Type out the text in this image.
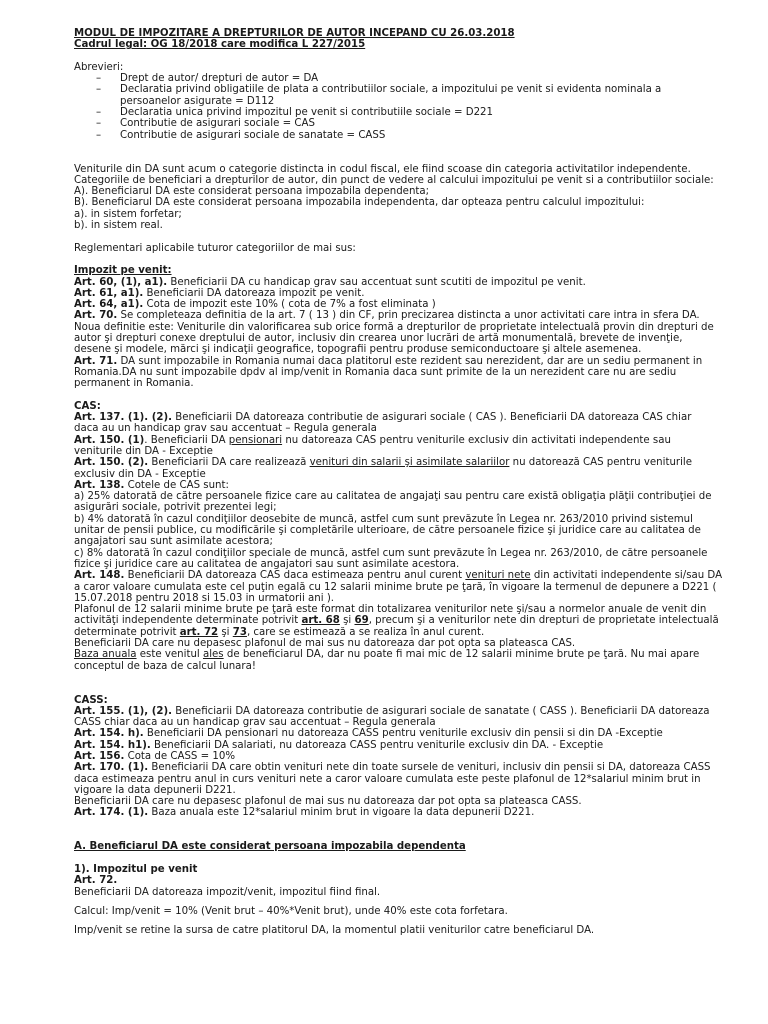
MODUL DE IMPOZITARE A DREPTURILOR DE AUTOR INCEPAND CU 26.03.2018
Cadrul legal: OG 18/2018 care modifica L 227/2015
Abrevieri:
– Drept de autor/ drepturi de autor = DA
– Declaratia privind obligatiile de plata a contributiilor sociale, a impozitului pe venit si evidenta nominala a persoanelor asigurate = D112
– Declaratia unica privind impozitul pe venit si contributiile sociale = D221
– Contributie de asigurari sociale = CAS
– Contributie de asigurari sociale de sanatate = CASS
Veniturile din DA sunt acum o categorie distincta in codul fiscal, ele fiind scoase din categoria activitatilor independente.
Categoriile de beneficiari a drepturilor de autor, din punct de vedere al calcului impozitului pe venit si a contributiilor sociale:
A). Beneficiarul DA este considerat persoana impozabila dependenta;
B). Beneficiarul DA este considerat persoana impozabila independenta, dar opteaza pentru calculul impozitului:
a). in sistem forfetar;
b). in sistem real.
Reglementari aplicabile tuturor categoriilor de mai sus:
Impozit pe venit:
Art. 60, (1), a1). Beneficiarii DA cu handicap grav sau accentuat sunt scutiti de impozitul pe venit.
Art. 61, a1). Beneficiarii DA datoreaza impozit pe venit.
Art. 64, a1). Cota de impozit este 10% ( cota de 7% a fost eliminata )
Art. 70. Se completeaza definitia de la art. 7 ( 13 ) din CF, prin precizarea distincta a unor activitati care intra in sfera DA.
Noua definitie este: Veniturile din valorificarea sub orice formă a drepturilor de proprietate intelectuală provin din drepturi de
autor şi drepturi conexe dreptului de autor, inclusiv din crearea unor lucrări de artă monumentală, brevete de invenţie,
desene şi modele, mărci şi indicaţii geografice, topografii pentru produse semiconductoare şi altele asemenea.
Art. 71. DA sunt impozabile in Romania numai daca platitorul este rezident sau nerezident, dar are un sediu permanent in
Romania.DA nu sunt impozabile dpdv al imp/venit in Romania daca sunt primite de la un nerezident care nu are sediu
permanent in Romania.
CAS:
Art. 137. (1). (2). Beneficiarii DA datoreaza contributie de asigurari sociale ( CAS ). Beneficiarii DA datoreaza CAS chiar
daca au un handicap grav sau accentuat – Regula generala
Art. 150. (1). Beneficiarii DA pensionari nu datoreaza CAS pentru veniturile exclusiv din activitati independente sau
veniturile din DA - Exceptie
Art. 150. (2). Beneficiarii DA care realizează venituri din salarii şi asimilate salariilor nu datorează CAS pentru veniturile
exclusiv din DA - Exceptie
Art. 138. Cotele de CAS sunt:
a) 25% datorată de către persoanele fizice care au calitatea de angajaţi sau pentru care există obligaţia plăţii contribuţiei de
asigurări sociale, potrivit prezentei legi;
b) 4% datorată în cazul condiţiilor deosebite de muncă, astfel cum sunt prevăzute în Legea nr. 263/2010 privind sistemul
unitar de pensii publice, cu modificările şi completările ulterioare, de către persoanele fizice şi juridice care au calitatea de
angajatori sau sunt asimilate acestora;
c) 8% datorată în cazul condiţiilor speciale de muncă, astfel cum sunt prevăzute în Legea nr. 263/2010, de către persoanele
fizice şi juridice care au calitatea de angajatori sau sunt asimilate acestora.
Art. 148. Beneficiarii DA datoreaza CAS daca estimeaza pentru anul curent venituri nete din activitati independente si/sau DA
a caror valoare cumulata este cel puţin egală cu 12 salarii minime brute pe ţară, în vigoare la termenul de depunere a D221 (
15.07.2018 pentru 2018 si 15.03 in urmatorii ani ).
Plafonul de 12 salarii minime brute pe ţară este format din totalizarea veniturilor nete şi/sau a normelor anuale de venit din
activităţi independente determinate potrivit art. 68 şi 69, precum şi a veniturilor nete din drepturi de proprietate intelectuală
determinate potrivit art. 72 şi 73, care se estimează a se realiza în anul curent.
Beneficiarii DA care nu depasesc plafonul de mai sus nu datoreaza dar pot opta sa plateasca CAS.
Baza anuala este venitul ales de beneficiarul DA, dar nu poate fi mai mic de 12 salarii minime brute pe ţară. Nu mai apare
conceptul de baza de calcul lunara!
CASS:
Art. 155. (1), (2). Beneficiarii DA datoreaza contributie de asigurari sociale de sanatate ( CASS ). Beneficiarii DA datoreaza
CASS chiar daca au un handicap grav sau accentuat – Regula generala
Art. 154. h). Beneficiarii DA pensionari nu datoreaza CASS pentru veniturile exclusiv din pensii si din DA -Exceptie
Art. 154. h1). Beneficiarii DA salariati, nu datoreaza CASS pentru veniturile exclusiv din DA. - Exceptie
Art. 156. Cota de CASS = 10%
Art. 170. (1). Beneficiarii DA care obtin venituri nete din toate sursele de venituri, inclusiv din pensii si DA, datoreaza CASS
daca estimeaza pentru anul in curs venituri nete a caror valoare cumulata este peste plafonul de 12*salariul minim brut in
vigoare la data depunerii D221.
Beneficiarii DA care nu depasesc plafonul de mai sus nu datoreaza dar pot opta sa plateasca CASS.
Art. 174. (1). Baza anuala este 12*salariul minim brut in vigoare la data depunerii D221.
A. Beneficiarul DA este considerat persoana impozabila dependenta
1). Impozitul pe venit
Art. 72.
Beneficiarii DA datoreaza impozit/venit, impozitul fiind final.
Calcul: Imp/venit = 10% (Venit brut – 40%*Venit brut), unde 40% este cota forfetara.
Imp/venit se retine la sursa de catre platitorul DA, la momentul platii veniturilor catre beneficiarul DA.
